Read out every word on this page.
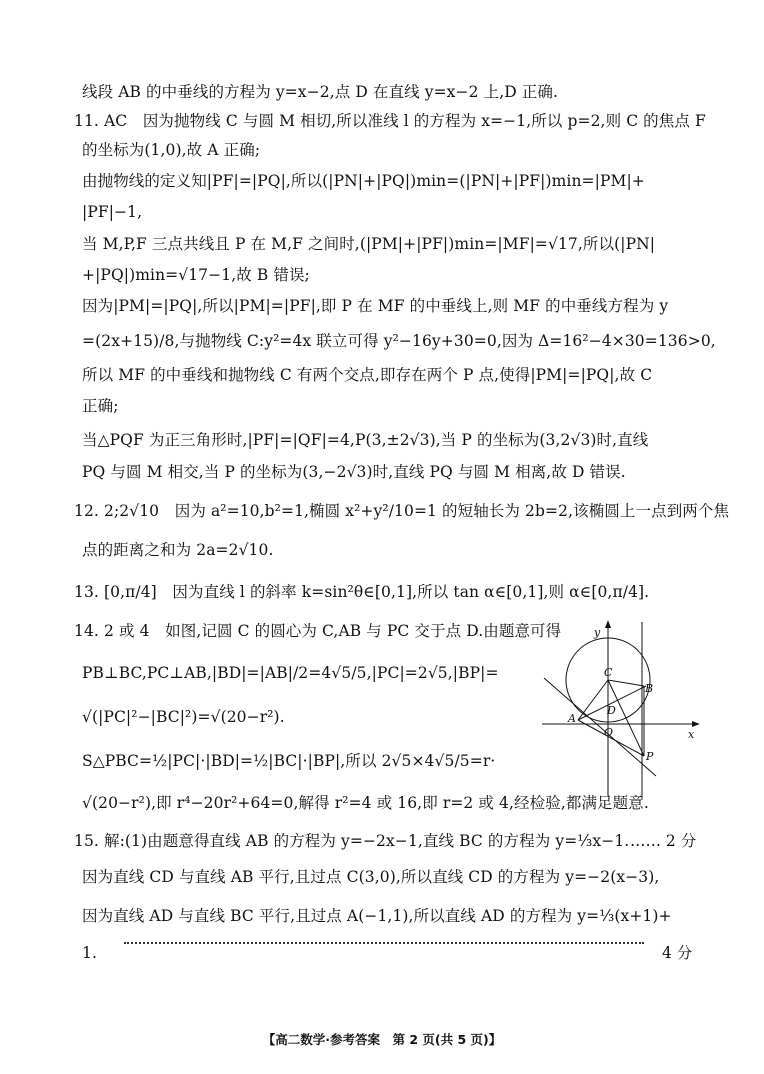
线段 AB 的中垂线的方程为 y=x−2,点 D 在直线 y=x−2 上,D 正确.
11. AC　因为抛物线 C 与圆 M 相切,所以准线 l 的方程为 x=−1,所以 p=2,则 C 的焦点 F
的坐标为(1,0),故 A 正确;
由抛物线的定义知|PF|=|PQ|,所以(|PN|+|PQ|)min=(|PN|+|PF|)min=|PM|+
|PF|−1,
当 M,P,F 三点共线且 P 在 M,F 之间时,(|PM|+|PF|)min=|MF|=√17,所以(|PN|
+|PQ|)min=√17−1,故 B 错误;
因为|PM|=|PQ|,所以|PM|=|PF|,即 P 在 MF 的中垂线上,则 MF 的中垂线方程为 y
=(2x+15)/8,与抛物线 C:y²=4x 联立可得 y²−16y+30=0,因为 Δ=16²−4×30=136>0,
所以 MF 的中垂线和抛物线 C 有两个交点,即存在两个 P 点,使得|PM|=|PQ|,故 C
正确;
当△PQF 为正三角形时,|PF|=|QF|=4,P(3,±2√3),当 P 的坐标为(3,2√3)时,直线
PQ 与圆 M 相交,当 P 的坐标为(3,−2√3)时,直线 PQ 与圆 M 相离,故 D 错误.
12. 2;2√10　因为 a²=10,b²=1,椭圆 x²+y²/10=1 的短轴长为 2b=2,该椭圆上一点到两个焦
点的距离之和为 2a=2√10.
13. [0,π/4]　因为直线 l 的斜率 k=sin²θ∈[0,1],所以 tan α∈[0,1],则 α∈[0,π/4].
14. 2 或 4　如图,记圆 C 的圆心为 C,AB 与 PC 交于点 D.由题意可得
PB⊥BC,PC⊥AB,|BD|=|AB|/2=4√5/5,|PC|=2√5,|BP|=
√(|PC|²−|BC|²)=√(20−r²).
S△PBC=½|PC|·|BD|=½|BC|·|BP|,所以 2√5×4√5/5=r·
√(20−r²),即 r⁴−20r²+64=0,解得 r²=4 或 16,即 r=2 或 4,经检验,都满足题意.
15. 解:(1)由题意得直线 AB 的方程为 y=−2x−1,直线 BC 的方程为 y=⅓x−1. …… 2 分
因为直线 CD 与直线 AB 平行,且过点 C(3,0),所以直线 CD 的方程为 y=−2(x−3),
因为直线 AD 与直线 BC 平行,且过点 A(−1,1),所以直线 AD 的方程为 y=⅓(x+1)+
1.	4 分
y
x
C
B
D
A
O
P
【高二数学·参考答案　第 2 页(共 5 页)】
